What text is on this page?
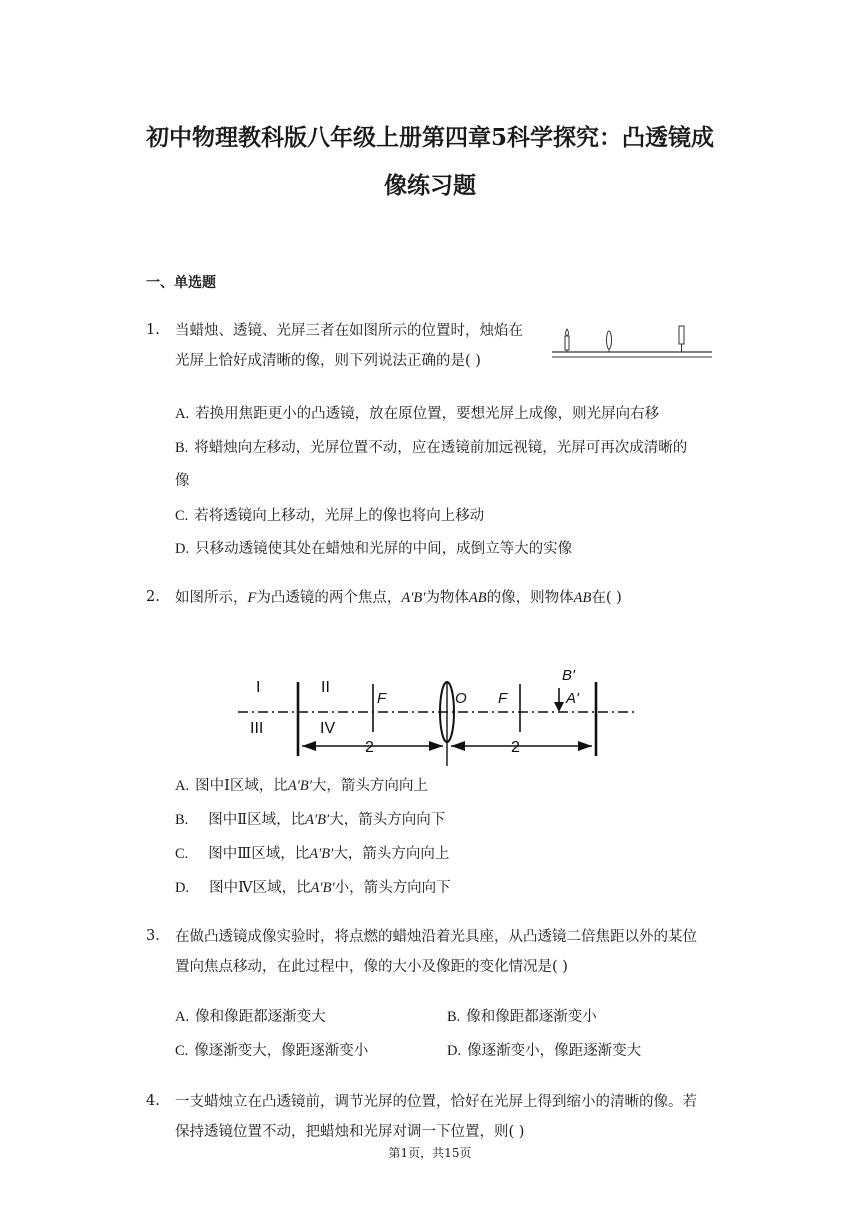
初中物理教科版八年级上册第四章5科学探究：凸透镜成
像练习题
一、单选题
1. 当蜡烛、透镜、光屏三者在如图所示的位置时，烛焰在
光屏上恰好成清晰的像，则下列说法正确的是( )
A. 若换用焦距更小的凸透镜，放在原位置，要想光屏上成像，则光屏向右移
B. 将蜡烛向左移动，光屏位置不动，应在透镜前加远视镜，光屏可再次成清晰的
像
C. 若将透镜向上移动，光屏上的像也将向上移动
D. 只移动透镜使其处在蜡烛和光屏的中间，成倒立等大的实像
2. 如图所示，F为凸透镜的两个焦点，A′B′为物体AB的像，则物体AB在( )
I	II
III	IV
F	O F
B'
A'
2	2
A. 图中Ⅰ区域，比A′B′大，箭头方向向上
B. 图中Ⅱ区域，比A′B′大，箭头方向向下
C. 图中Ⅲ区域，比A′B′大，箭头方向向上
D. 图中Ⅳ区域，比A′B′小，箭头方向向下
3. 在做凸透镜成像实验时，将点燃的蜡烛沿着光具座，从凸透镜二倍焦距以外的某位
置向焦点移动，在此过程中，像的大小及像距的变化情况是( )
A. 像和像距都逐渐变大	B. 像和像距都逐渐变小
C. 像逐渐变大，像距逐渐变小	D. 像逐渐变小，像距逐渐变大
4. 一支蜡烛立在凸透镜前，调节光屏的位置，恰好在光屏上得到缩小的清晰的像。若
保持透镜位置不动，把蜡烛和光屏对调一下位置，则( )
第1页，共15页
